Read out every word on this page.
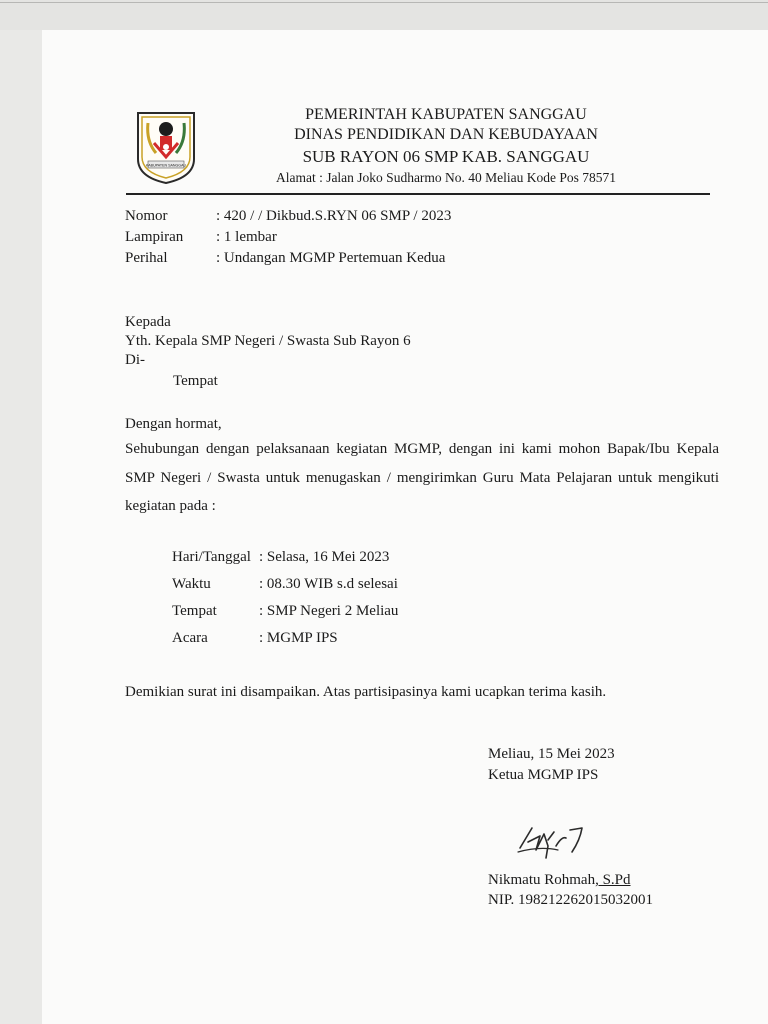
KABUPATEN SANGGAU
PEMERINTAH KABUPATEN SANGGAU
DINAS PENDIDIKAN DAN KEBUDAYAAN
SUB RAYON 06 SMP KAB. SANGGAU
Alamat : Jalan Joko Sudharmo No. 40 Meliau Kode Pos 78571
Nomor	: 420 / / Dikbud.S.RYN 06 SMP / 2023
Lampiran : 1 lembar
Perihal	: Undangan MGMP Pertemuan Kedua
Kepada
Yth. Kepala SMP Negeri / Swasta Sub Rayon 6
Di-
Tempat
Dengan hormat,
Sehubungan dengan pelaksanaan kegiatan MGMP, dengan ini kami mohon Bapak/Ibu Kepala
SMP Negeri / Swasta untuk menugaskan / mengirimkan Guru Mata Pelajaran untuk mengikuti
kegiatan pada :
Hari/Tanggal : Selasa, 16 Mei 2023
Waktu	: 08.30 WIB s.d selesai
Tempat	: SMP Negeri 2 Meliau
Acara	: MGMP IPS
Demikian surat ini disampaikan. Atas partisipasinya kami ucapkan terima kasih.
Meliau, 15 Mei 2023
Ketua MGMP IPS
Nikmatu Rohmah, S.Pd
NIP. 198212262015032001
